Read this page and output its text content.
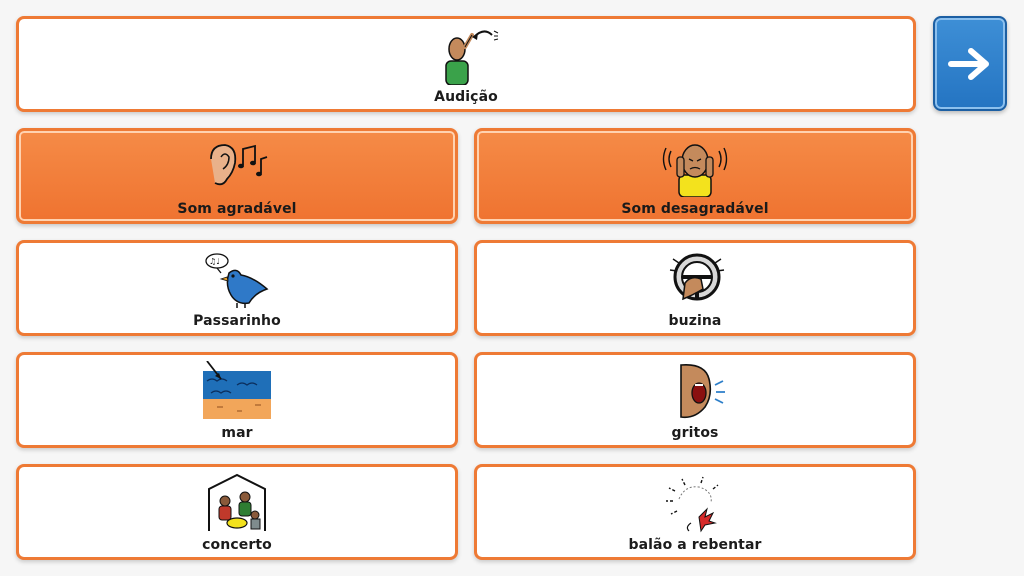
Audição
Som agradável	Som desagradável
♫♩
Passarinho	buzina
mar	gritos
concerto	balão a rebentar
